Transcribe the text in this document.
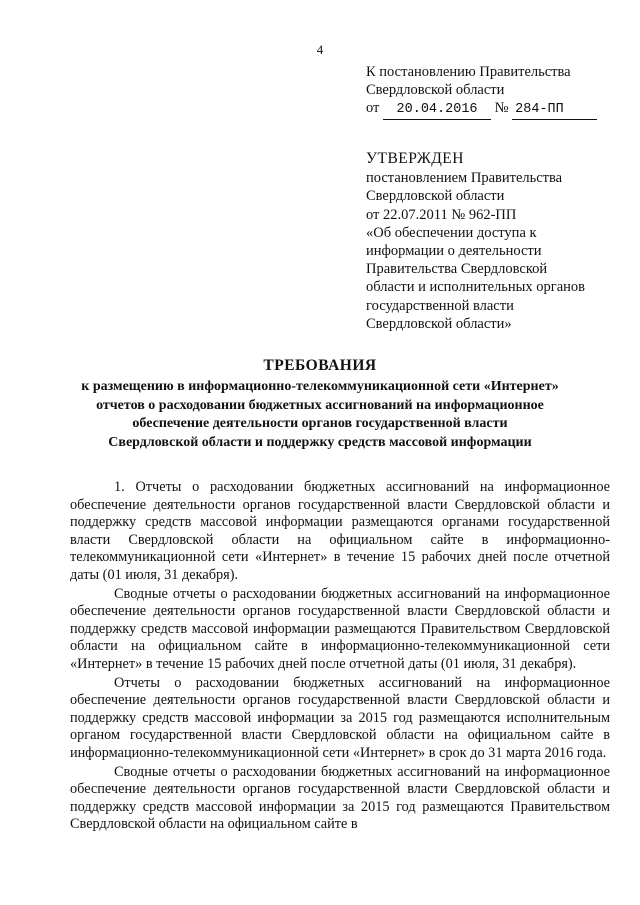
4
К постановлению Правительства
Свердловской области
от 20.04.2016 № 284-ПП
УТВЕРЖДЕН
постановлением Правительства
Свердловской области
от 22.07.2011 № 962-ПП
«Об обеспечении доступа к
информации о деятельности
Правительства Свердловской
области и исполнительных органов
государственной власти
Свердловской области»
ТРЕБОВАНИЯ
к размещению в информационно-телекоммуникационной сети «Интернет»
отчетов о расходовании бюджетных ассигнований на информационное
обеспечение деятельности органов государственной власти
Свердловской области и поддержку средств массовой информации

1. Отчеты о расходовании бюджетных ассигнований на информационное обеспечение деятельности органов государственной власти Свердловской области и поддержку средств массовой информации размещаются органами государственной власти Свердловской области на официальном сайте в информационно-телекоммуникационной сети «Интернет» в течение 15 рабочих дней после отчетной даты (01 июля, 31 декабря).

Сводные отчеты о расходовании бюджетных ассигнований на информационное обеспечение деятельности органов государственной власти Свердловской области и поддержку средств массовой информации размещаются Правительством Свердловской области на официальном сайте в информационно-телекоммуникационной сети «Интернет» в течение 15 рабочих дней после отчетной даты (01 июля, 31 декабря).

Отчеты о расходовании бюджетных ассигнований на информационное обеспечение деятельности органов государственной власти Свердловской области и поддержку средств массовой информации за 2015 год размещаются исполнительным органом государственной власти Свердловской области на официальном сайте в информационно-телекоммуникационной сети «Интернет» в срок до 31 марта 2016 года.

Сводные отчеты о расходовании бюджетных ассигнований на информационное обеспечение деятельности органов государственной власти Свердловской области и поддержку средств массовой информации за 2015 год размещаются Правительством Свердловской области на официальном сайте в
